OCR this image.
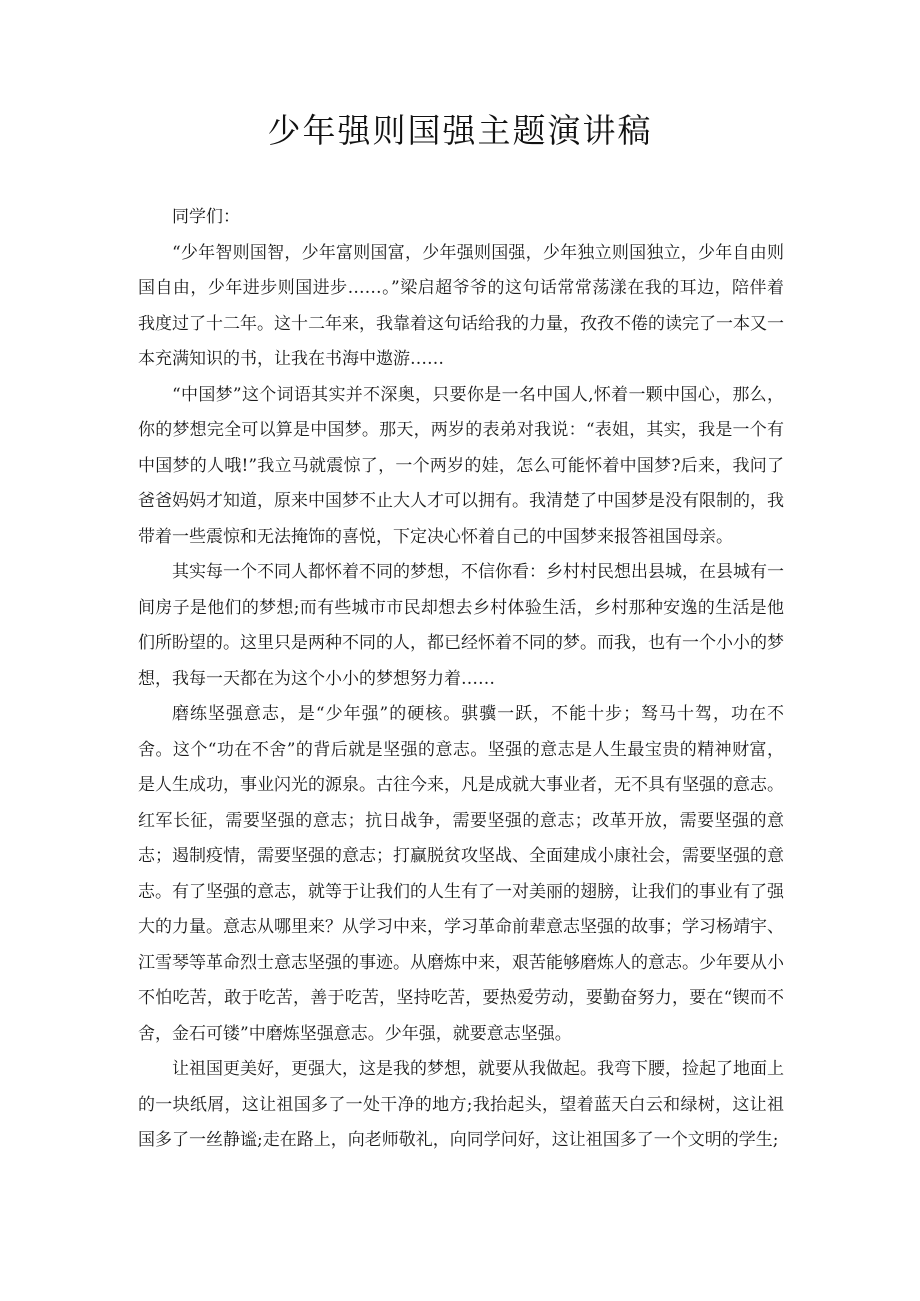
少年强则国强主题演讲稿

同学们：

“少年智则国智，少年富则国富，少年强则国强，少年独立则国独立，少年自由则国自由，少年进步则国进步……。”梁启超爷爷的这句话常常荡漾在我的耳边，陪伴着我度过了十二年。这十二年来，我靠着这句话给我的力量，孜孜不倦的读完了一本又一本充满知识的书，让我在书海中遨游……

“中国梦”这个词语其实并不深奥，只要你是一名中国人,怀着一颗中国心，那么，你的梦想完全可以算是中国梦。那天，两岁的表弟对我说：“表姐，其实，我是一个有中国梦的人哦!”我立马就震惊了，一个两岁的娃，怎么可能怀着中国梦?后来，我问了爸爸妈妈才知道，原来中国梦不止大人才可以拥有。我清楚了中国梦是没有限制的，我带着一些震惊和无法掩饰的喜悦，下定决心怀着自己的中国梦来报答祖国母亲。

其实每一个不同人都怀着不同的梦想，不信你看：乡村村民想出县城，在县城有一间房子是他们的梦想;而有些城市市民却想去乡村体验生活，乡村那种安逸的生活是他们所盼望的。这里只是两种不同的人，都已经怀着不同的梦。而我，也有一个小小的梦想，我每一天都在为这个小小的梦想努力着……

磨练坚强意志，是“少年强”的硬核。骐骥一跃，不能十步；驽马十驾，功在不舍。这个“功在不舍”的背后就是坚强的意志。坚强的意志是人生最宝贵的精神财富，是人生成功，事业闪光的源泉。古往今来，凡是成就大事业者，无不具有坚强的意志。红军长征，需要坚强的意志；抗日战争，需要坚强的意志；改革开放，需要坚强的意志；遏制疫情，需要坚强的意志；打赢脱贫攻坚战、全面建成小康社会，需要坚强的意志。有了坚强的意志，就等于让我们的人生有了一对美丽的翅膀，让我们的事业有了强大的力量。意志从哪里来？从学习中来，学习革命前辈意志坚强的故事；学习杨靖宇、江雪琴等革命烈士意志坚强的事迹。从磨炼中来，艰苦能够磨炼人的意志。少年要从小不怕吃苦，敢于吃苦，善于吃苦，坚持吃苦，要热爱劳动，要勤奋努力，要在“锲而不舍，金石可镂”中磨炼坚强意志。少年强，就要意志坚强。

让祖国更美好，更强大，这是我的梦想，就要从我做起。我弯下腰，捡起了地面上的一块纸屑，这让祖国多了一处干净的地方;我抬起头，望着蓝天白云和绿树，这让祖国多了一丝静谧;走在路上，向老师敬礼，向同学问好，这让祖国多了一个文明的学生;
